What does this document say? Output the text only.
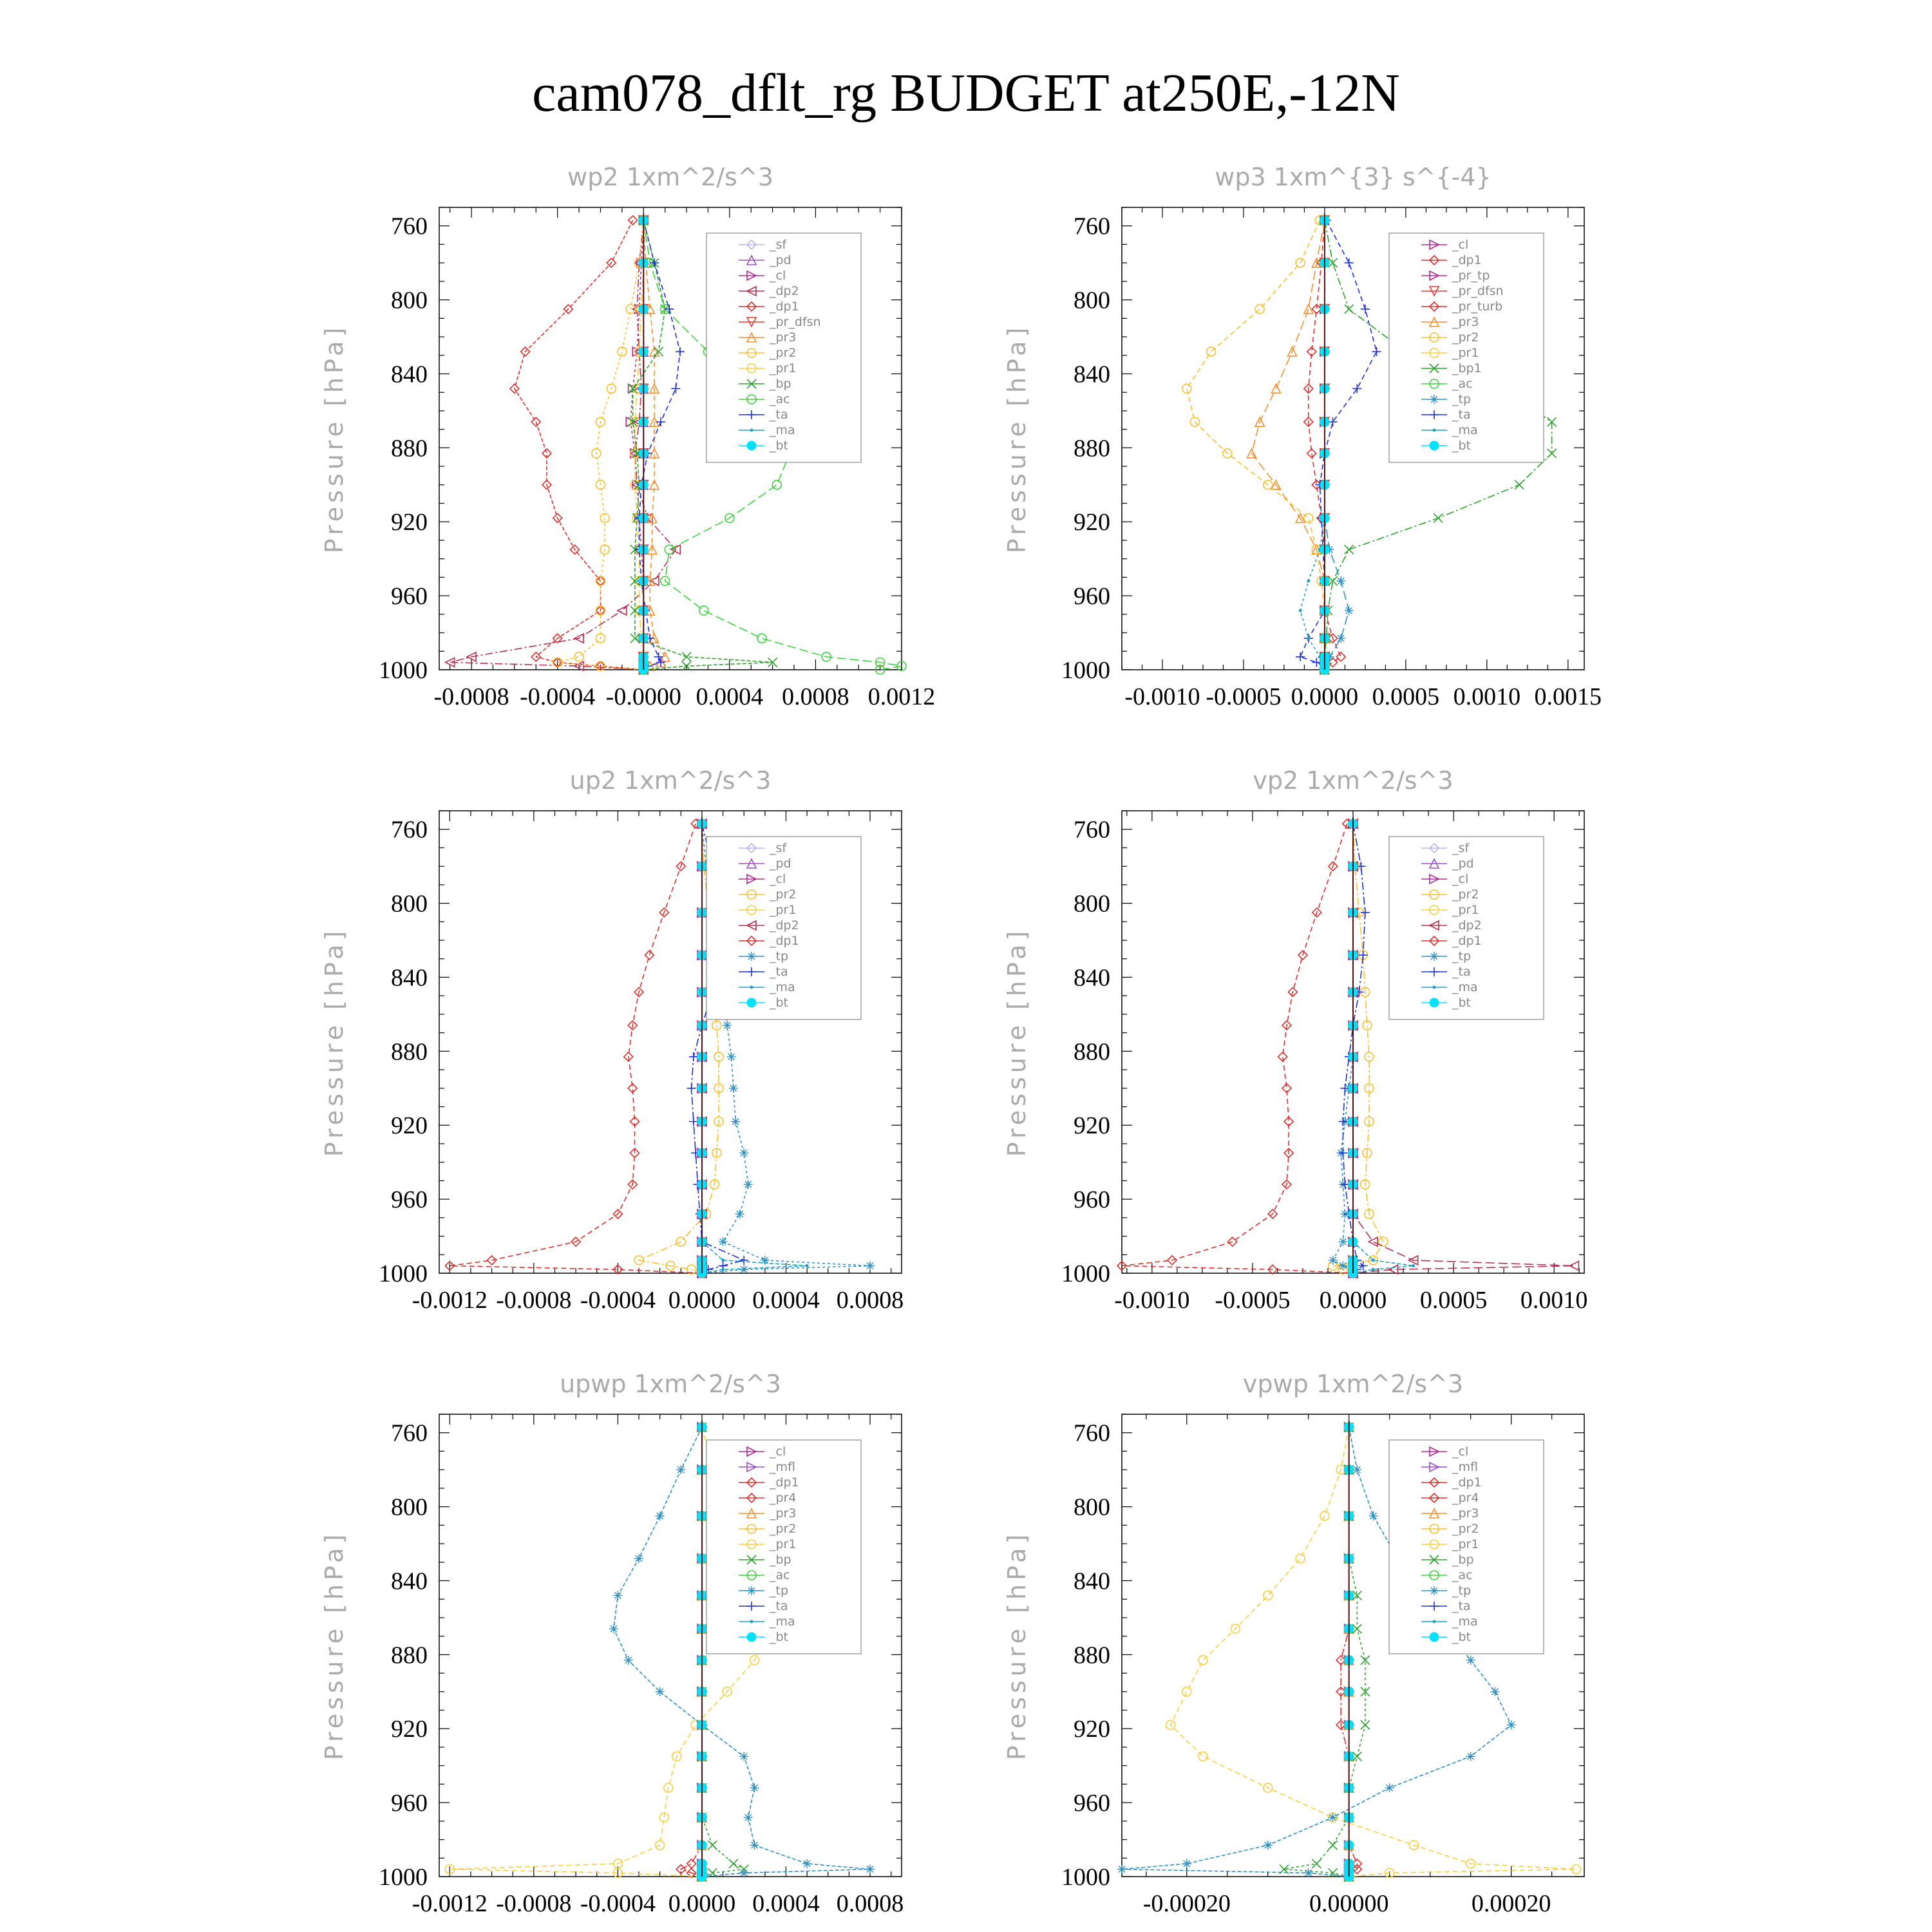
cam078_dflt_rg BUDGET at250E,-12N
wp2 1xm^2/s^3
Pressure [hPa]
760
800
840
880
920
960
1000
-0.0008 -0.0004 -0.0000 0.0004 0.0008 0.0012
_sf
_pd
_cl
_dp2
_dp1
_pr_dfsn
_pr3
_pr2
_pr1
_bp
_ac
_ta
_ma
_bt
wp3 1xm^{3} s^{-4}
Pressure [hPa]
760
800
840
880
920
960
1000
-0.0010 -0.0005 0.0000 0.0005 0.0010 0.0015
_cl
_dp1
_pr_tp
_pr_dfsn
_pr_turb
_pr3
_pr2
_pr1
_bp1
_ac
_tp
_ta
_ma
_bt
up2 1xm^2/s^3
Pressure [hPa]
760
800
840
880
920
960
1000
-0.0012 -0.0008 -0.0004 0.0000 0.0004 0.0008
_sf
_pd
_cl
_pr2
_pr1
_dp2
_dp1
_tp
_ta
_ma
_bt
vp2 1xm^2/s^3
Pressure [hPa]
760
800
840
880
920
960
1000
-0.0010 -0.0005 0.0000 0.0005 0.0010
_sf
_pd
_cl
_pr2
_pr1
_dp2
_dp1
_tp
_ta
_ma
_bt
upwp 1xm^2/s^3
Pressure [hPa]
760
800
840
880
920
960
1000
-0.0012 -0.0008 -0.0004 0.0000 0.0004 0.0008
_cl
_mfl
_dp1
_pr4
_pr3
_pr2
_pr1
_bp
_ac
_tp
_ta
_ma
_bt
vpwp 1xm^2/s^3
Pressure [hPa]
760
800
840
880
920
960
1000
-0.00020	0.00000	0.00020
_cl
_mfl
_dp1
_pr4
_pr3
_pr2
_pr1
_bp
_ac
_tp
_ta
_ma
_bt
